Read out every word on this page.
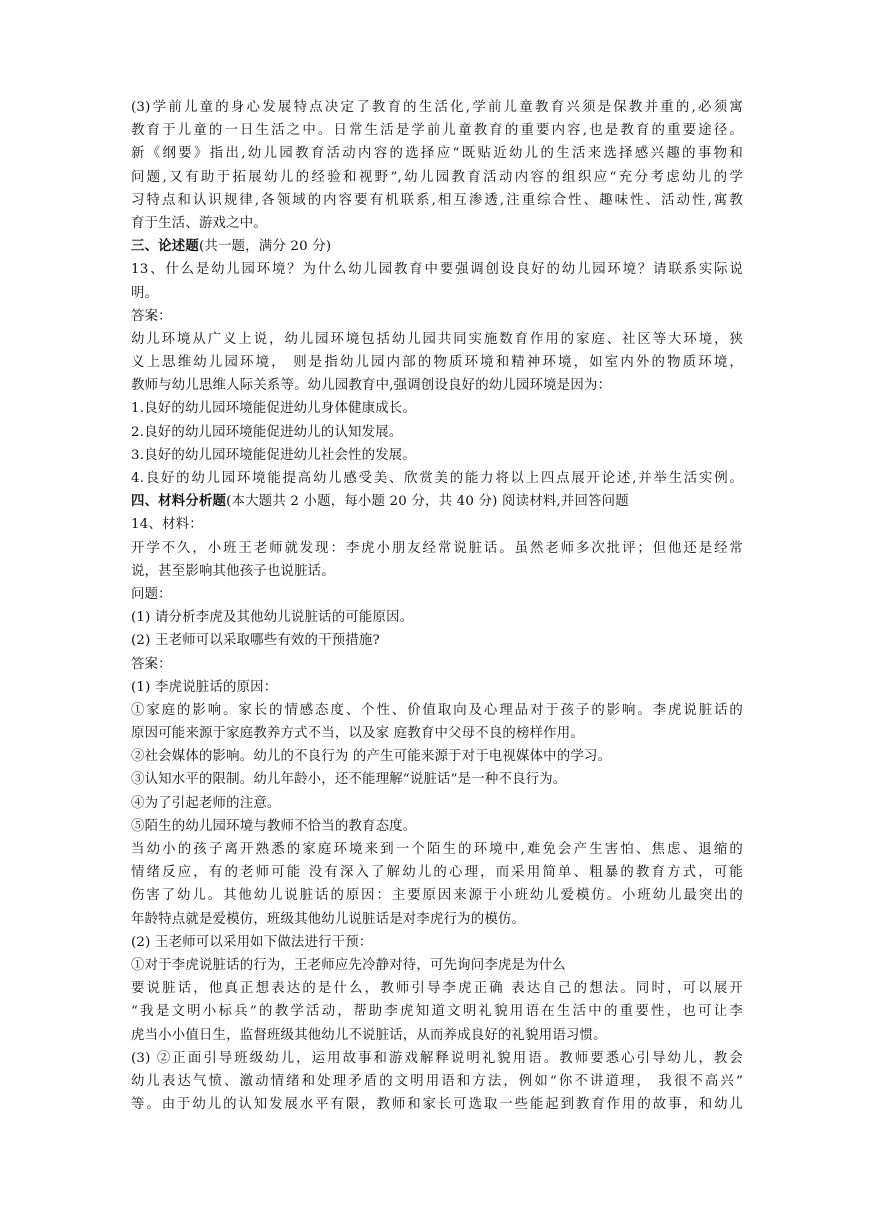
(3)学前儿童的身心发展特点决定了教育的生活化,学前儿童教育兴须是保教并重的,必须寓
教育于儿童的一日生活之中。日常生活是学前儿童教育的重要内容,也是教育的重要途径。
新《纲要》指出,幼儿园教育活动内容的选择应“既贴近幼儿的生活来选择感兴趣的事物和
问题,又有助于拓展幼儿的经验和视野”,幼儿园教育活动内容的组织应“充分考虑幼儿的学
习特点和认识规律,各领域的内容要有机联系,相互渗透,注重综合性、趣味性、活动性,寓教
育于生活、游戏之中。
三、论述题(共一题，满分 20 分)
13、什么是幼儿园环境？为什么幼儿园教育中要强调创设良好的幼儿园环境？请联系实际说
明。
答案：
幼儿环境从广义上说，幼儿园环境包括幼儿园共同实施数育作用的家庭、社区等大环境，狭
义上思维幼儿园环境， 则是指幼儿园内部的物质环境和精神环境，如室内外的物质环境，
教师与幼儿思维人际关系等。幼儿园教育中,强调创设良好的幼儿园环境是因为：
1.良好的幼儿园环境能促进幼儿身体健康成长。
2.良好的幼儿园环境能促进幼儿的认知发展。
3.良好的幼儿园环境能促进幼儿社会性的发展。
4.良好的幼儿园环境能提高幼儿感受美、欣赏美的能力将以上四点展开论述,并举生活实例。
四、材料分析题(本大题共 2 小题，每小题 20 分，共 40 分) 阅读材料,并回答问题
14、材料：
开学不久，小班王老师就发现：李虎小朋友经常说脏话。虽然老师多次批评；但他还是经常
说，甚至影响其他孩子也说脏话。
问题：
(1) 请分析李虎及其他幼儿说脏话的可能原因。
(2) 王老师可以采取哪些有效的干预措施?
答案：
(1) 李虎说脏话的原因：
①家庭的影响。家长的情感态度、个性、价值取向及心理品对于孩子的影响。李虎说脏话的
原因可能来源于家庭教养方式不当，以及家 庭教育中父母不良的榜样作用。
②社会媒体的影响。幼儿的不良行为 的产生可能来源于对于电视媒体中的学习。
③认知水平的限制。幼儿年龄小，还不能理解“说脏话”是一种不良行为。
④为了引起老师的注意。
⑤陌生的幼儿园环境与教师不恰当的教育态度。
当幼小的孩子离开熟悉的家庭环境来到一个陌生的环境中,难免会产生害怕、焦虑、退缩的
情绪反应，有的老师可能 没有深入了解幼儿的心理，而采用简单、粗暴的教育方式，可能
伤害了幼儿。其他幼儿说脏话的原因：主要原因来源于小班幼儿爱模仿。小班幼儿最突出的
年龄特点就是爱模仿，班级其他幼儿说脏话是对李虎行为的模仿。
(2) 王老师可以采用如下做法进行干预：
①对于李虎说脏话的行为，王老师应先冷静对待，可先询问李虎是为什么
要说脏话，他真正想表达的是什么，教师引导李虎正确 表达自己的想法。同时，可以展开
“我是文明小标兵”的教学活动，帮助李虎知道文明礼貌用语在生活中的重要性，也可让李
虎当小小值日生，监督班级其他幼儿不说脏话，从而养成良好的礼貌用语习惯。
(3) ②正面引导班级幼儿，运用故事和游戏解释说明礼貌用语。教师要悉心引导幼儿，教会
幼儿表达气愤、激动情绪和处理矛盾的文明用语和方法，例如“你不讲道理， 我很不高兴”
等。由于幼儿的认知发展水平有限，教师和家长可选取一些能起到教育作用的故事，和幼儿
